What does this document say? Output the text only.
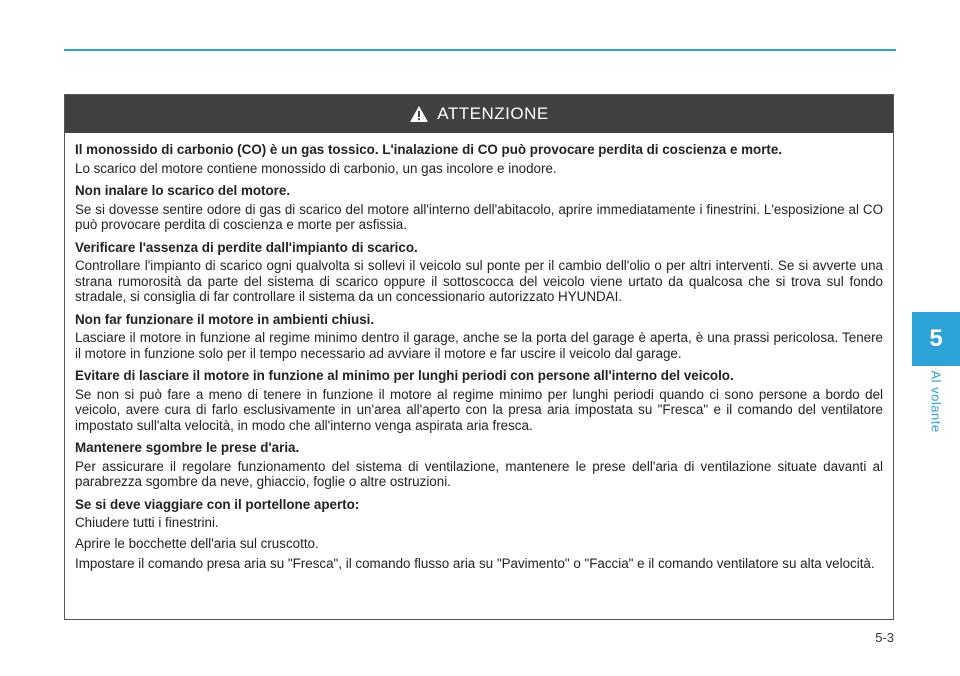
5
Al volante
ATTENZIONE

Il monossido di carbonio (CO) è un gas tossico. L'inalazione di CO può provocare perdita di coscienza e morte.

Lo scarico del motore contiene monossido di carbonio, un gas incolore e inodore.

Non inalare lo scarico del motore.

Se si dovesse sentire odore di gas di scarico del motore all'interno dell'abitacolo, aprire immediatamente i finestrini. L'esposizione al CO può provocare perdita di coscienza e morte per asfissia.

Verificare l'assenza di perdite dall'impianto di scarico.

Controllare l'impianto di scarico ogni qualvolta si sollevi il veicolo sul ponte per il cambio dell'olio o per altri interventi. Se si avverte una strana rumorosità da parte del sistema di scarico oppure il sottoscocca del veicolo viene urtato da qualcosa che si trova sul fondo stradale, si consiglia di far controllare il sistema da un concessionario autorizzato HYUNDAI.

Non far funzionare il motore in ambienti chiusi.

Lasciare il motore in funzione al regime minimo dentro il garage, anche se la porta del garage è aperta, è una prassi pericolosa. Tenere il motore in funzione solo per il tempo necessario ad avviare il motore e far uscire il veicolo dal garage.

Evitare di lasciare il motore in funzione al minimo per lunghi periodi con persone all'interno del veicolo.

Se non si può fare a meno di tenere in funzione il motore al regime minimo per lunghi periodi quando ci sono persone a bordo del veicolo, avere cura di farlo esclusivamente in un'area all'aperto con la presa aria impostata su "Fresca" e il comando del ventilatore impostato sull'alta velocità, in modo che all'interno venga aspirata aria fresca.

Mantenere sgombre le prese d'aria.

Per assicurare il regolare funzionamento del sistema di ventilazione, mantenere le prese dell'aria di ventilazione situate davanti al parabrezza sgombre da neve, ghiaccio, foglie o altre ostruzioni.

Se si deve viaggiare con il portellone aperto:

Chiudere tutti i finestrini.

Aprire le bocchette dell'aria sul cruscotto.

Impostare il comando presa aria su "Fresca", il comando flusso aria su "Pavimento" o "Faccia" e il comando ventilatore su alta velocità.

5-3
